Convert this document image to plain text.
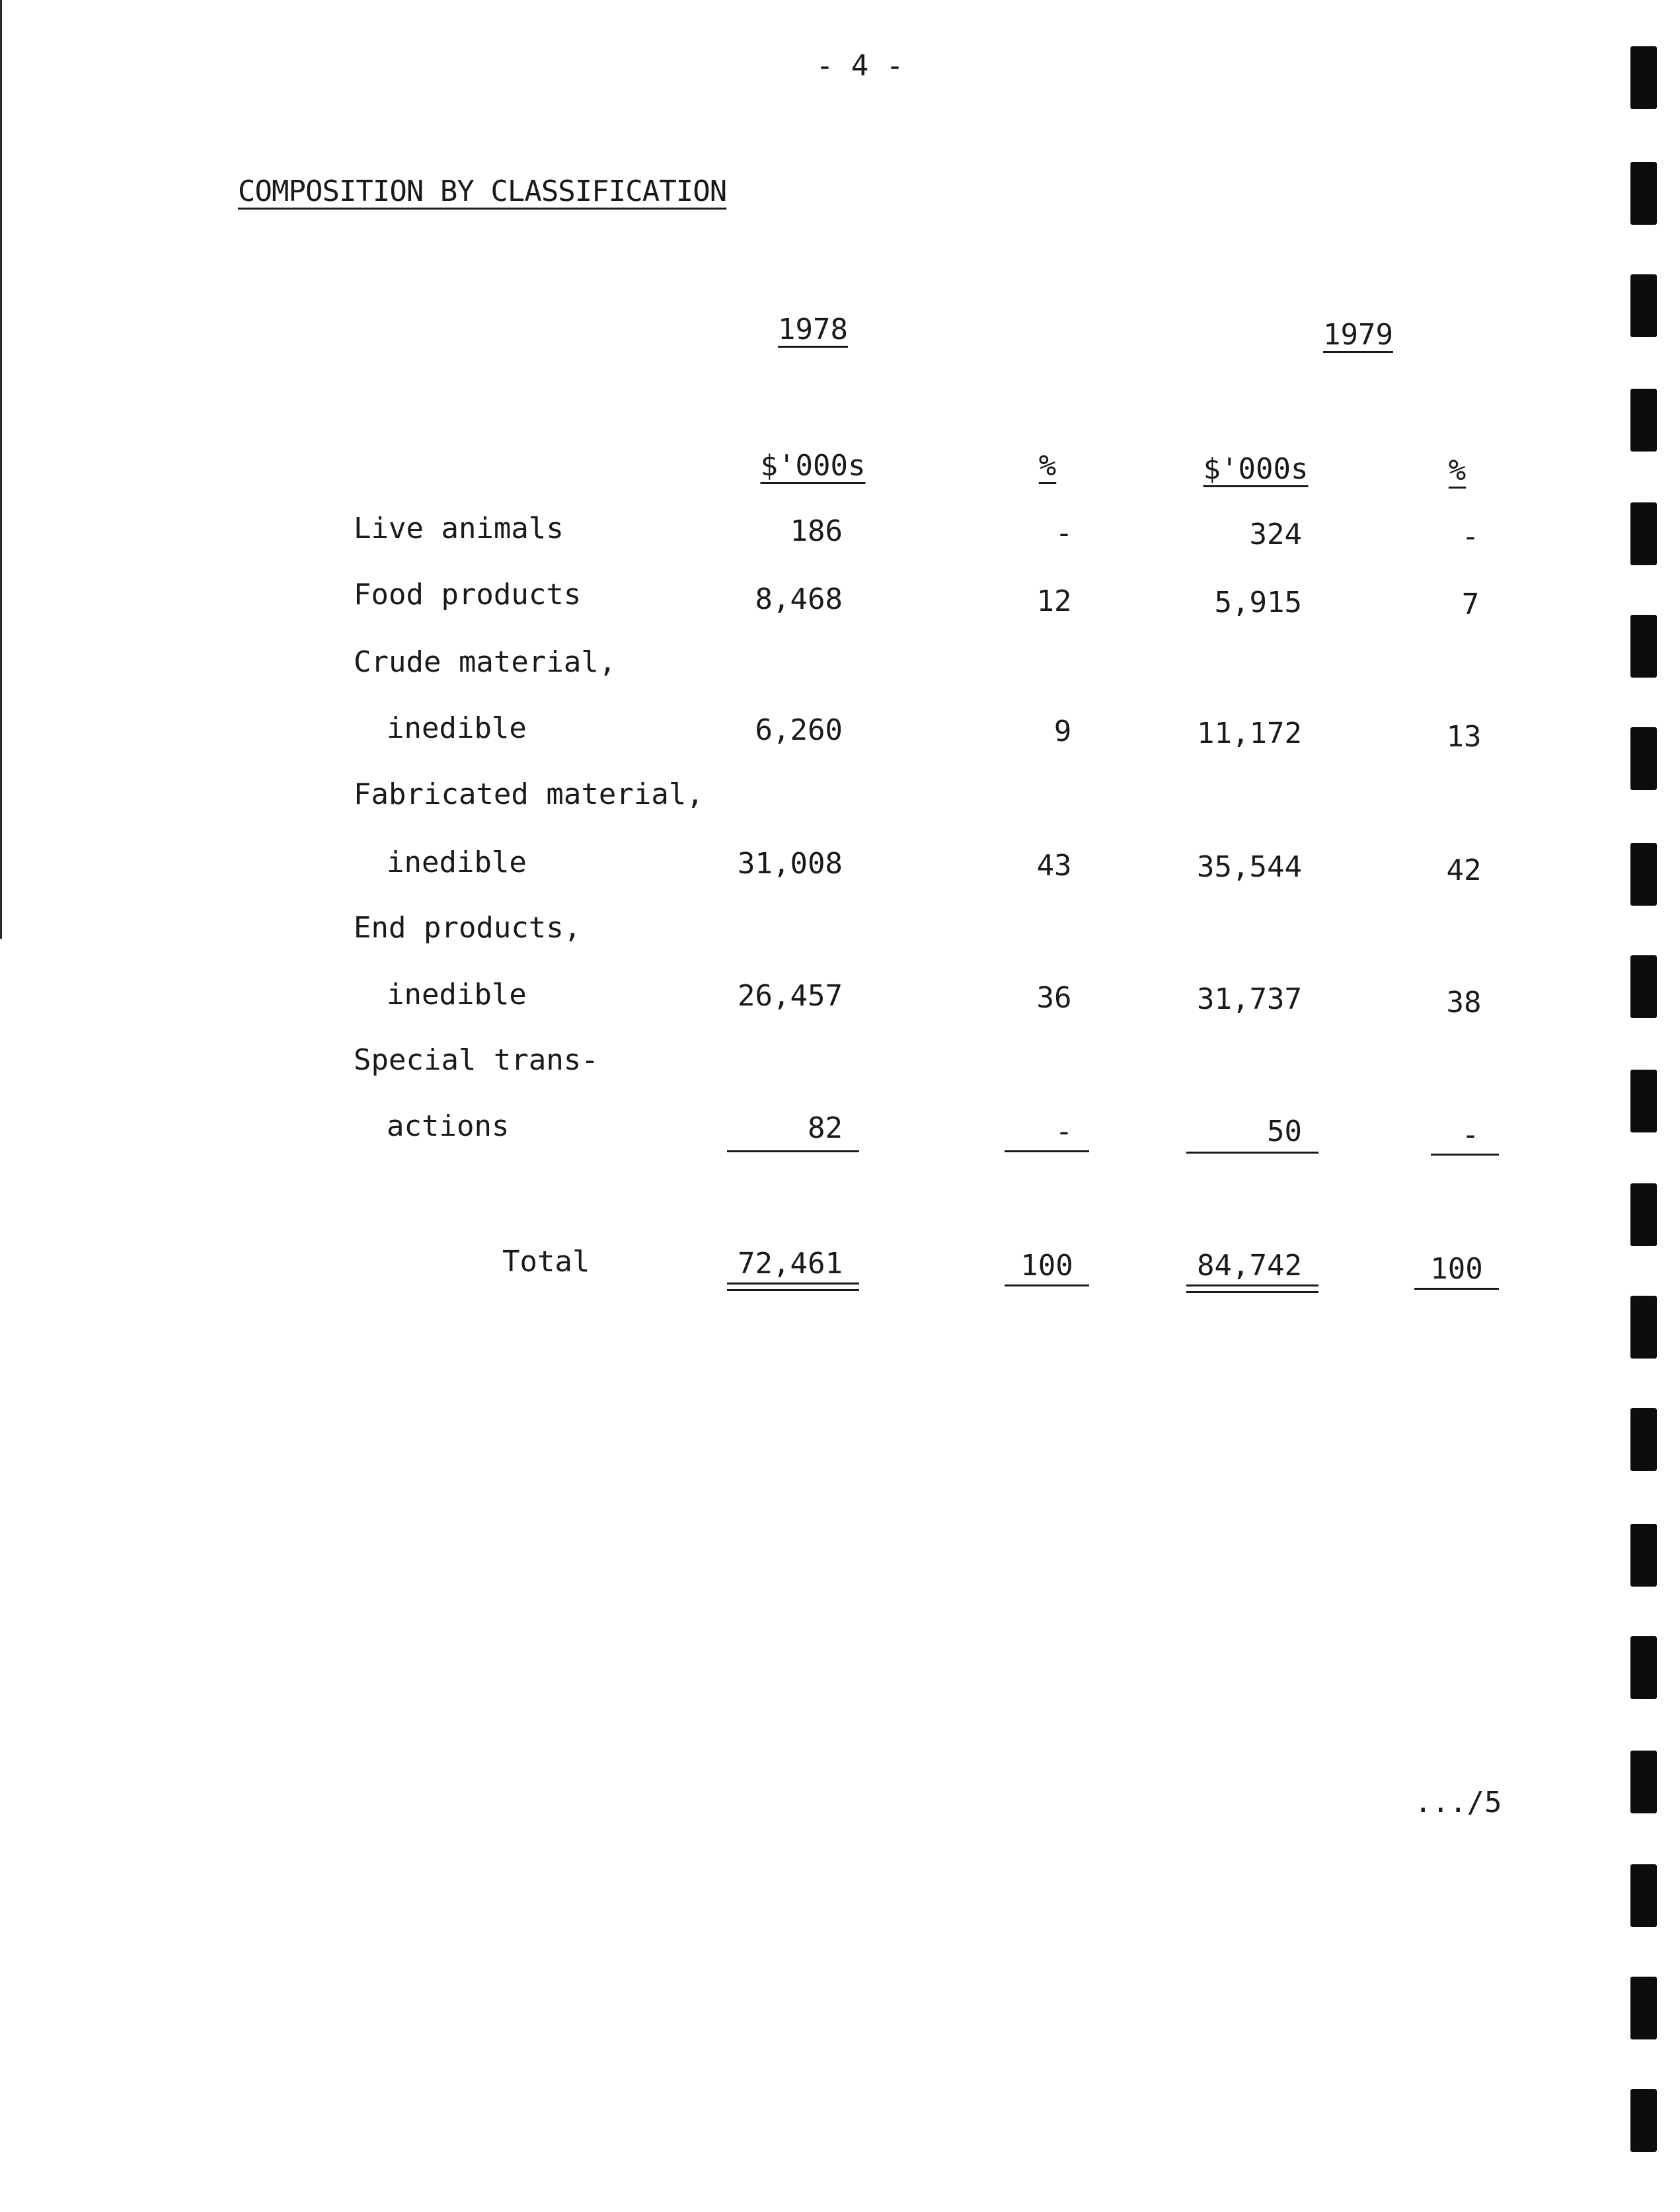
- 4 -
COMPOSITION BY CLASSIFICATION
1978	1979
$'000s	%	$'000s	%
Live animals	186	-	324	-
Food products	8,468	12	5,915	7
Crude material,
inedible	6,260	9	11,172	13
Fabricated material,
inedible	31,008	43	35,544	42
End products,
inedible	26,457	36	31,737	38
Special trans-
actions	82	-	50	-
Total	72,461	100	84,742	100
.../5
